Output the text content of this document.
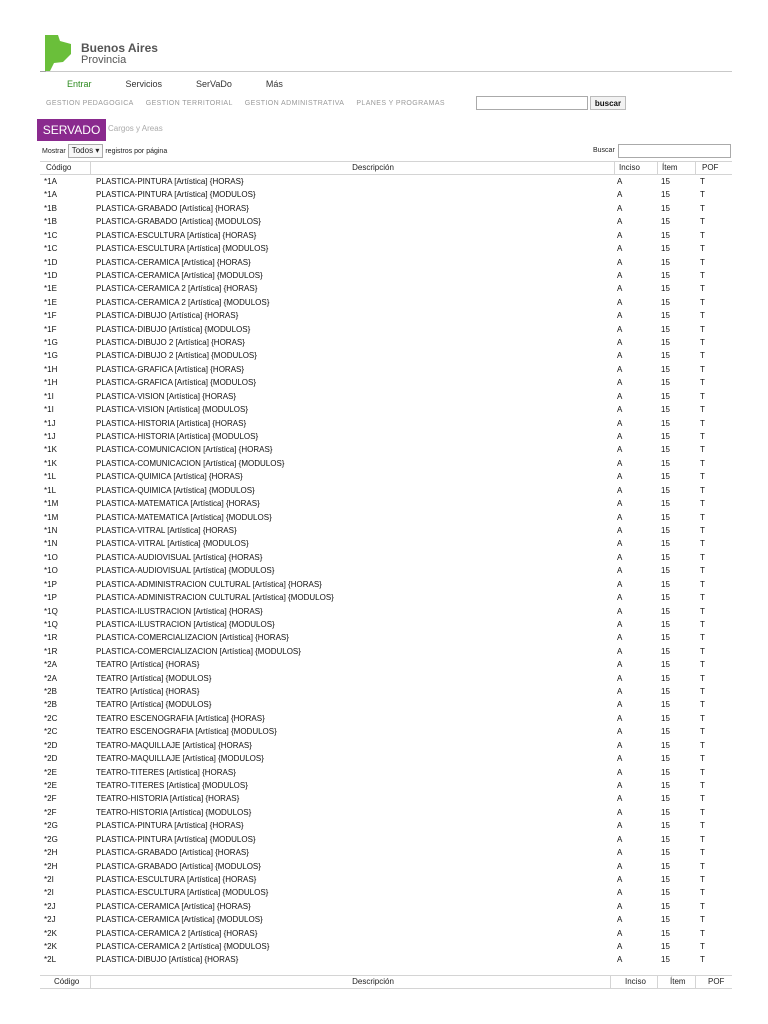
Buenos Aires
Provincia
Entrar	Servicios	SerVaDo	Más
GESTION PEDAGOGICA GESTION TERRITORIAL GESTION ADMINISTRATIVA PLANES Y PROGRAMAS	buscar
SERVADO Cargos y Areas
Mostrar Todos ▾ registros por página	Buscar
Código	Descripción	Inciso	Ítem	POF
*1A	PLASTICA-PINTURA [Artística] {HORAS}	A	15	T
*1A	PLASTICA-PINTURA [Artística] {MODULOS}	A	15	T
*1B	PLASTICA-GRABADO [Artística] {HORAS}	A	15	T
*1B	PLASTICA-GRABADO [Artística] {MODULOS}	A	15	T
*1C	PLASTICA-ESCULTURA [Artística] {HORAS}	A	15	T
*1C	PLASTICA-ESCULTURA [Artística] {MODULOS}	A	15	T
*1D	PLASTICA-CERAMICA [Artística] {HORAS}	A	15	T
*1D	PLASTICA-CERAMICA [Artística] {MODULOS}	A	15	T
*1E	PLASTICA-CERAMICA 2 [Artística] {HORAS}	A	15	T
*1E	PLASTICA-CERAMICA 2 [Artística] {MODULOS}	A	15	T
*1F	PLASTICA-DIBUJO [Artística] {HORAS}	A	15	T
*1F	PLASTICA-DIBUJO [Artística] {MODULOS}	A	15	T
*1G	PLASTICA-DIBUJO 2 [Artística] {HORAS}	A	15	T
*1G	PLASTICA-DIBUJO 2 [Artística] {MODULOS}	A	15	T
*1H	PLASTICA-GRAFICA [Artística] {HORAS}	A	15	T
*1H	PLASTICA-GRAFICA [Artística] {MODULOS}	A	15	T
*1I	PLASTICA-VISION [Artística] {HORAS}	A	15	T
*1I	PLASTICA-VISION [Artística] {MODULOS}	A	15	T
*1J	PLASTICA-HISTORIA [Artística] {HORAS}	A	15	T
*1J	PLASTICA-HISTORIA [Artística] {MODULOS}	A	15	T
*1K	PLASTICA-COMUNICACION [Artística] {HORAS}	A	15	T
*1K	PLASTICA-COMUNICACION [Artística] {MODULOS}	A	15	T
*1L	PLASTICA-QUIMICA [Artística] {HORAS}	A	15	T
*1L	PLASTICA-QUIMICA [Artística] {MODULOS}	A	15	T
*1M	PLASTICA-MATEMATICA [Artística] {HORAS}	A	15	T
*1M	PLASTICA-MATEMATICA [Artística] {MODULOS}	A	15	T
*1N	PLASTICA-VITRAL [Artística] {HORAS}	A	15	T
*1N	PLASTICA-VITRAL [Artística] {MODULOS}	A	15	T
*1O	PLASTICA-AUDIOVISUAL [Artística] {HORAS}	A	15	T
*1O	PLASTICA-AUDIOVISUAL [Artística] {MODULOS}	A	15	T
*1P	PLASTICA-ADMINISTRACION CULTURAL [Artística] {HORAS}	A	15	T
*1P	PLASTICA-ADMINISTRACION CULTURAL [Artística] {MODULOS}	A	15	T
*1Q	PLASTICA-ILUSTRACION [Artística] {HORAS}	A	15	T
*1Q	PLASTICA-ILUSTRACION [Artística] {MODULOS}	A	15	T
*1R	PLASTICA-COMERCIALIZACION [Artística] {HORAS}	A	15	T
*1R	PLASTICA-COMERCIALIZACION [Artística] {MODULOS}	A	15	T
*2A	TEATRO [Artística] {HORAS}	A	15	T
*2A	TEATRO [Artística] {MODULOS}	A	15	T
*2B	TEATRO [Artística] {HORAS}	A	15	T
*2B	TEATRO [Artística] {MODULOS}	A	15	T
*2C	TEATRO ESCENOGRAFIA [Artística] {HORAS}	A	15	T
*2C	TEATRO ESCENOGRAFIA [Artística] {MODULOS}	A	15	T
*2D	TEATRO-MAQUILLAJE [Artística] {HORAS}	A	15	T
*2D	TEATRO-MAQUILLAJE [Artística] {MODULOS}	A	15	T
*2E	TEATRO-TITERES [Artística] {HORAS}	A	15	T
*2E	TEATRO-TITERES [Artística] {MODULOS}	A	15	T
*2F	TEATRO-HISTORIA [Artística] {HORAS}	A	15	T
*2F	TEATRO-HISTORIA [Artística] {MODULOS}	A	15	T
*2G	PLASTICA-PINTURA [Artística] {HORAS}	A	15	T
*2G	PLASTICA-PINTURA [Artística] {MODULOS}	A	15	T
*2H	PLASTICA-GRABADO [Artística] {HORAS}	A	15	T
*2H	PLASTICA-GRABADO [Artística] {MODULOS}	A	15	T
*2I	PLASTICA-ESCULTURA [Artística] {HORAS}	A	15	T
*2I	PLASTICA-ESCULTURA [Artística] {MODULOS}	A	15	T
*2J	PLASTICA-CERAMICA [Artística] {HORAS}	A	15	T
*2J	PLASTICA-CERAMICA [Artística] {MODULOS}	A	15	T
*2K	PLASTICA-CERAMICA 2 [Artística] {HORAS}	A	15	T
*2K	PLASTICA-CERAMICA 2 [Artística] {MODULOS}	A	15	T
*2L	PLASTICA-DIBUJO [Artística] {HORAS}	A	15	T
Código	Descripción	Inciso	Ítem	POF
